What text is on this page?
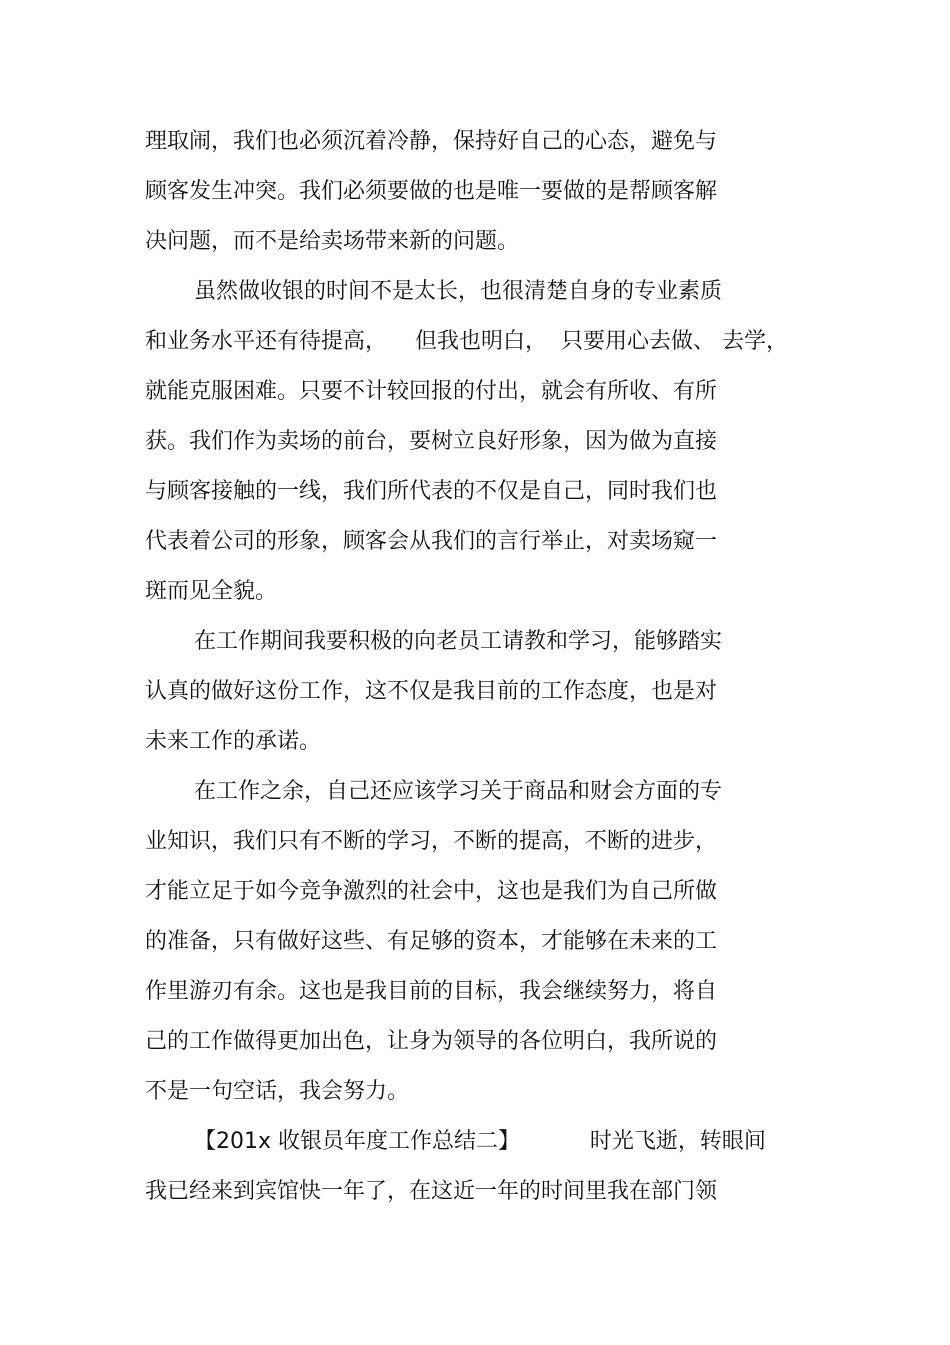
理取闹，我们也必须沉着冷静，保持好自己的心态，避免与
顾客发生冲突。我们必须要做的也是唯一要做的是帮顾客解
决问题，而不是给卖场带来新的问题。
虽然做收银的时间不是太长，也很清楚自身的专业素质
和业务水平还有待提高，    但我也明白，  只要用心去做、 去学，
就能克服困难。只要不计较回报的付出，就会有所收、有所
获。我们作为卖场的前台，要树立良好形象，因为做为直接
与顾客接触的一线，我们所代表的不仅是自己，同时我们也
代表着公司的形象，顾客会从我们的言行举止，对卖场窥一
斑而见全貌。
在工作期间我要积极的向老员工请教和学习，能够踏实
认真的做好这份工作，这不仅是我目前的工作态度，也是对
未来工作的承诺。
在工作之余，自己还应该学习关于商品和财会方面的专
业知识，我们只有不断的学习，不断的提高，不断的进步，
才能立足于如今竞争激烈的社会中，这也是我们为自己所做
的准备，只有做好这些、有足够的资本，才能够在未来的工
作里游刃有余。这也是我目前的目标，我会继续努力，将自
己的工作做得更加出色，让身为领导的各位明白，我所说的
不是一句空话，我会努力。
【201x 收银员年度工作总结二】          时光飞逝，转眼间
我已经来到宾馆快一年了，在这近一年的时间里我在部门领
